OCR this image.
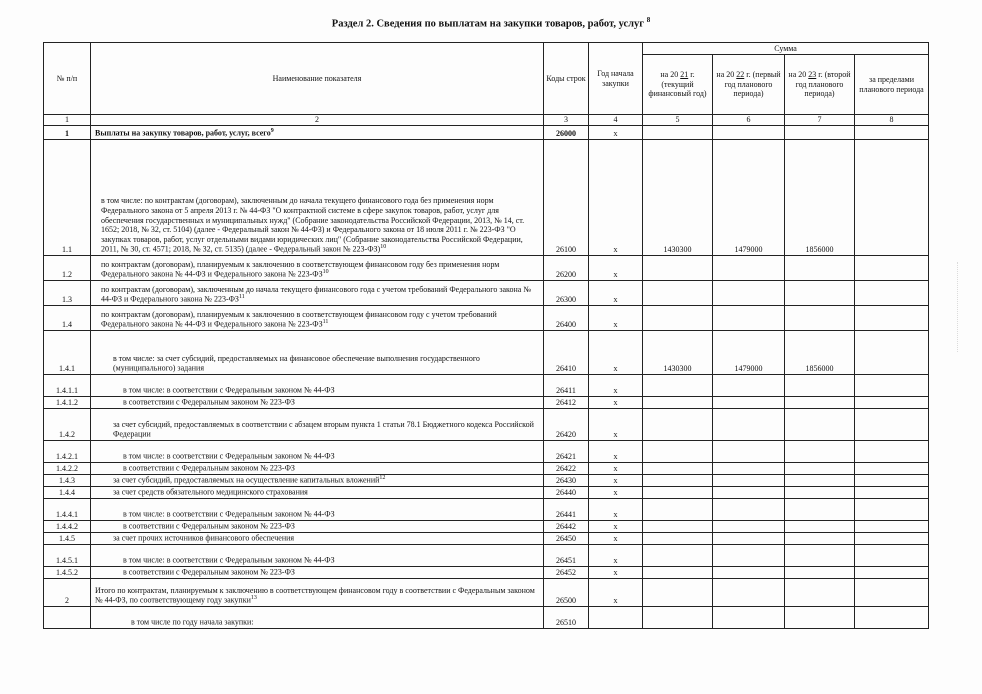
Раздел 2. Сведения по выплатам на закупки товаров, работ, услуг $^8$
№ п/п	Наименование показателя	Коды строк	Год начала закупки	Сумма			
				на 20 21 г. (текущий финансовый год)	на 20 22 г. (первый год планового периода)	на 20 23 г. (второй год планового периода)	за пределами планового периода
1	2	3	4	5	6	7	8
1	Выплаты на закупку товаров, работ, услуг, всего$^9$	26000	x				
1.1	в том числе: по контрактам (договорам), заключенным до начала текущего финансового года без применения норм Федерального закона от 5 апреля 2013 г. № 44-ФЗ "О контрактной системе в сфере закупок товаров, работ, услуг для обеспечения государственных и муниципальных нужд" (Собрание законодательства Российской Федерации, 2013, № 14, ст. 1652; 2018, № 32, ст. 5104) (далее - Федеральный закон № 44-ФЗ) и Федерального закона от 18 июля 2011 г. № 223-ФЗ "О закупках товаров, работ, услуг отдельными видами юридических лиц" (Собрание законодательства Российской Федерации, 2011, № 30, ст. 4571; 2018, № 32, ст. 5135) (далее - Федеральный закон № 223-ФЗ)$^{10}$	26100	x	1430300	1479000	1856000	
1.2	по контрактам (договорам), планируемым к заключению в соответствующем финансовом году без применения норм Федерального закона № 44-ФЗ и Федерального закона № 223-ФЗ$^{10}$	26200	x				
1.3	по контрактам (договорам), заключенным до начала текущего финансового года с учетом требований Федерального закона № 44-ФЗ и Федерального закона № 223-ФЗ$^{11}$	26300	x				
1.4	по контрактам (договорам), планируемым к заключению в соответствующем финансовом году с учетом требований Федерального закона № 44-ФЗ и Федерального закона № 223-ФЗ$^{11}$	26400	x				
1.4.1	в том числе: за счет субсидий, предоставляемых на финансовое обеспечение выполнения государственного (муниципального) задания	26410	x	1430300	1479000	1856000	
1.4.1.1	в том числе: в соответствии с Федеральным законом № 44-ФЗ	26411	x				
1.4.1.2	в соответствии с Федеральным законом № 223-ФЗ	26412	x				
1.4.2	за счет субсидий, предоставляемых в соответствии с абзацем вторым пункта 1 статьи 78.1 Бюджетного кодекса Российской Федерации	26420	x				
1.4.2.1	в том числе: в соответствии с Федеральным законом № 44-ФЗ	26421	x				
1.4.2.2	в соответствии с Федеральным законом № 223-ФЗ	26422	x				
1.4.3	за счет субсидий, предоставляемых на осуществление капитальных вложений$^{12}$	26430	x				
1.4.4	за счет средств обязательного медицинского страхования	26440	x				
1.4.4.1	в том числе: в соответствии с Федеральным законом № 44-ФЗ	26441	x				
1.4.4.2	в соответствии с Федеральным законом № 223-ФЗ	26442	x				
1.4.5	за счет прочих источников финансового обеспечения	26450	x				
1.4.5.1	в том числе: в соответствии с Федеральным законом № 44-ФЗ	26451	x				
1.4.5.2	в соответствии с Федеральным законом № 223-ФЗ	26452	x				
2	Итого по контрактам, планируемым к заключению в соответствующем финансовом году в соответствии с Федеральным законом № 44-ФЗ, по соответствующему году закупки$^{13}$	26500	x				
	в том числе по году начала закупки:	26510					
